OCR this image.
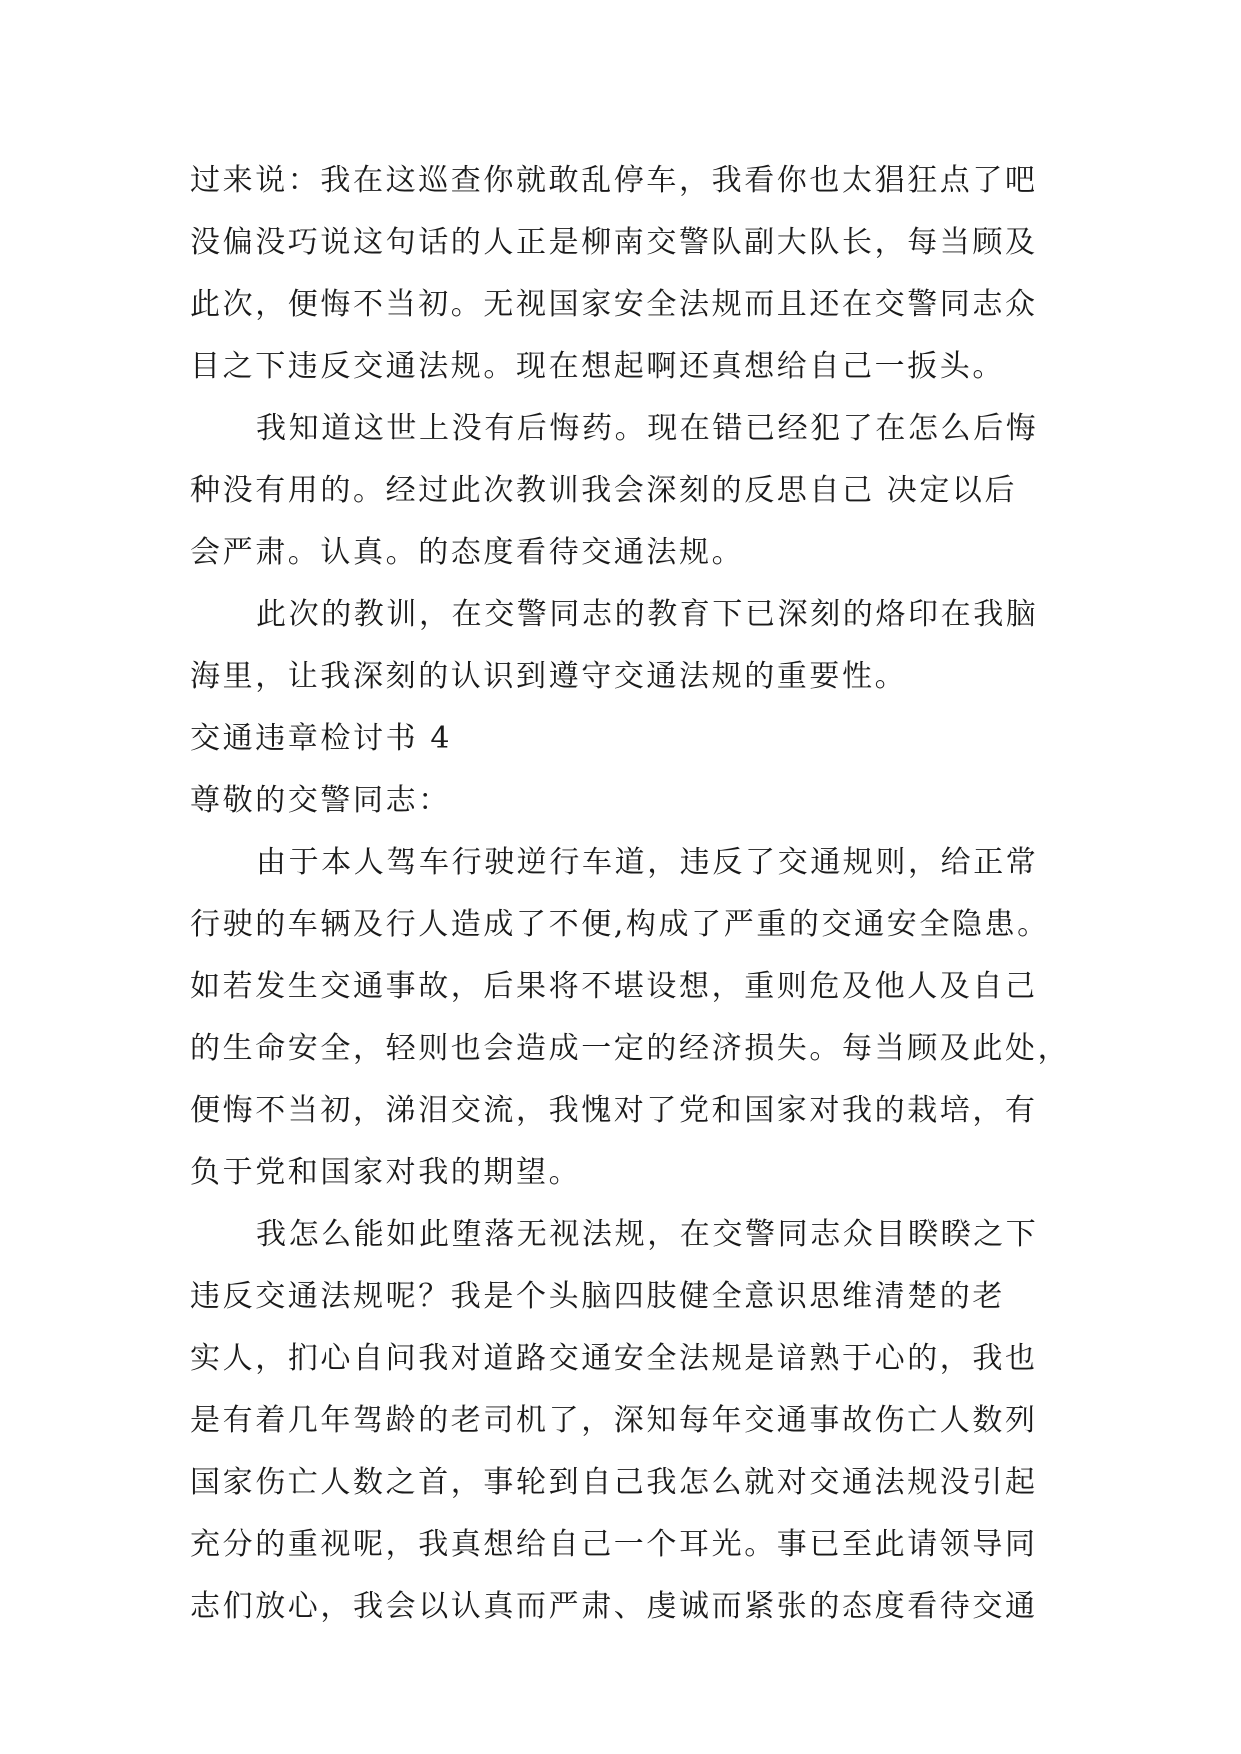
过来说：我在这巡查你就敢乱停车，我看你也太猖狂点了吧
没偏没巧说这句话的人正是柳南交警队副大队长，每当顾及
此次，便悔不当初。无视国家安全法规而且还在交警同志众
目之下违反交通法规。现在想起啊还真想给自己一扳头。
我知道这世上没有后悔药。现在错已经犯了在怎么后悔
种没有用的。经过此次教训我会深刻的反思自己 决定以后
会严肃。认真。的态度看待交通法规。
此次的教训，在交警同志的教育下已深刻的烙印在我脑
海里，让我深刻的认识到遵守交通法规的重要性。
交通违章检讨书 4
尊敬的交警同志：
由于本人驾车行驶逆行车道，违反了交通规则，给正常
行驶的车辆及行人造成了不便,构成了严重的交通安全隐患。
如若发生交通事故，后果将不堪设想，重则危及他人及自己
的生命安全，轻则也会造成一定的经济损失。每当顾及此处，
便悔不当初，涕泪交流，我愧对了党和国家对我的栽培，有
负于党和国家对我的期望。
我怎么能如此堕落无视法规，在交警同志众目睽睽之下
违反交通法规呢？我是个头脑四肢健全意识思维清楚的老
实人，扪心自问我对道路交通安全法规是谙熟于心的，我也
是有着几年驾龄的老司机了，深知每年交通事故伤亡人数列
国家伤亡人数之首，事轮到自己我怎么就对交通法规没引起
充分的重视呢，我真想给自己一个耳光。事已至此请领导同
志们放心，我会以认真而严肃、虔诚而紧张的态度看待交通
